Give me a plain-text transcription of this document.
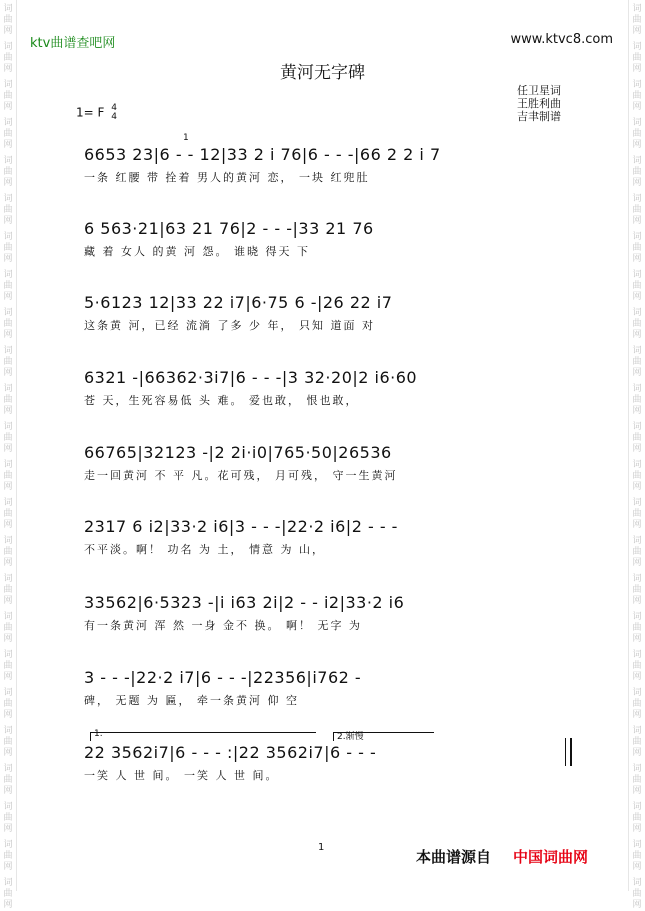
词
曲
网
词
曲
网
词
曲
网
词
曲
网
词
曲
网
词
曲
网
词
曲
网
词
曲
网
词
曲
网
词
曲
网
词
曲
网
词
曲
网
词
曲
网
词
曲
网
词
曲
网
词
曲
网
词
曲
网
词
曲
网
词
曲
网
词
曲
网
词
曲
网
词
曲
网
词
曲
网
词
曲
网
词
曲
网
词
曲
网
词
曲
网
词
曲
网
词
曲
网
词
曲
网
词
曲
网
词
曲
网
词
曲
网
词
曲
网
词
曲
网
词
曲
网
词
曲
网
词
曲
网
词
曲
网
词
曲
网
词
曲
网
词
曲
网
词
曲
网
词
曲
网
词
曲
网
词
曲
网
词
曲
网
词
曲
网
ktv曲谱查吧网	www.ktvc8.com
黄河无字碑
任卫星词
王胜利曲
吉聿制谱
1= F 4
4
6653 23|6 - - 12|33 2 i 76|6 - - -|66 2 2 i 7
一条 红腰 带 拴着 男人的黄河 恋， 一块 红兜肚
1
6 563·21|63 21 76|2 - - -|33 21 76
藏 着 女人 的黄 河 怨。 谁晓 得天 下
5·6123 12|33 22 i7|6·75 6 -|26 22 i7
这条黄 河，已经 流淌 了多 少 年， 只知 道面 对
6321 -|66362·3i7|6 - - -|3 32·20|2 i6·60
苍 天，生死容易低 头 难。 爱也敢， 恨也敢，
66765|32123 -|2 2i·i0|765·50|26536
走一回黄河 不 平 凡。花可残， 月可残， 守一生黄河
2317 6 i2|33·2 i6|3 - - -|22·2 i6|2 - - -
不平淡。啊！ 功名 为 土， 情意 为 山，
33562|6·5323 -|i i63 2i|2 - - i2|33·2 i6
有一条黄河 浑 然 一身 金不 换。 啊！ 无字 为
3 - - -|22·2 i7|6 - - -|22356|i762 -
碑， 无题 为 匾， 牵一条黄河 仰 空
1.	2.渐慢
22 3562i7|6 - - - :|22 3562i7|6 - - -
一笑 人 世 间。 一笑 人 世 间。
1
本曲谱源自 中国词曲网
